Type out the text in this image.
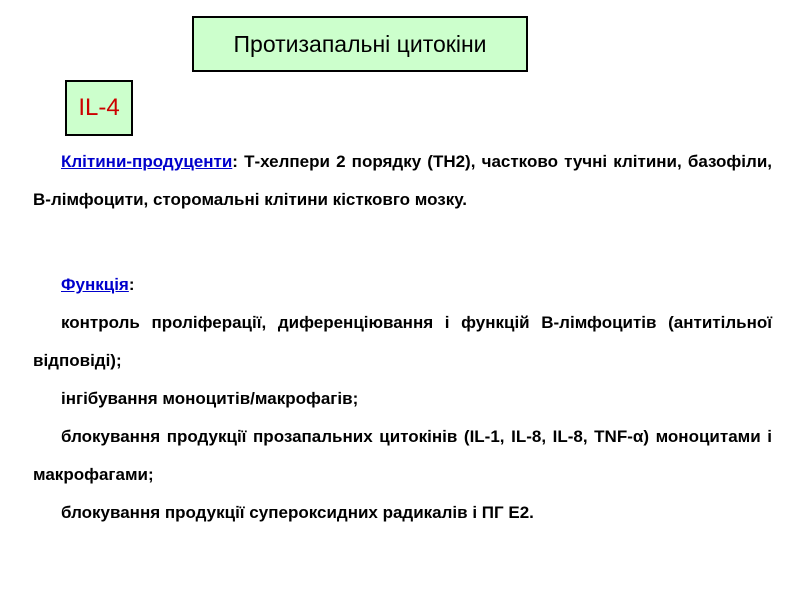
Протизапальні цитокіни
IL-4
Клітини-продуценти: Т-хелпери 2 порядку (TH2), частково тучні клітини, базофіли, В-лімфоцити, сторомальні клітини кістковго мозку.
Функція:
контроль проліферації, диференціювання і функцій В-лімфоцитів (антитільної відповіді);
інгібування моноцитів/макрофагів;
блокування продукції прозапальних цитокінів (IL-1, IL-8, IL-8, TNF-α) моноцитами і макрофагами;
блокування продукції супероксидних радикалів і ПГ Е2.
